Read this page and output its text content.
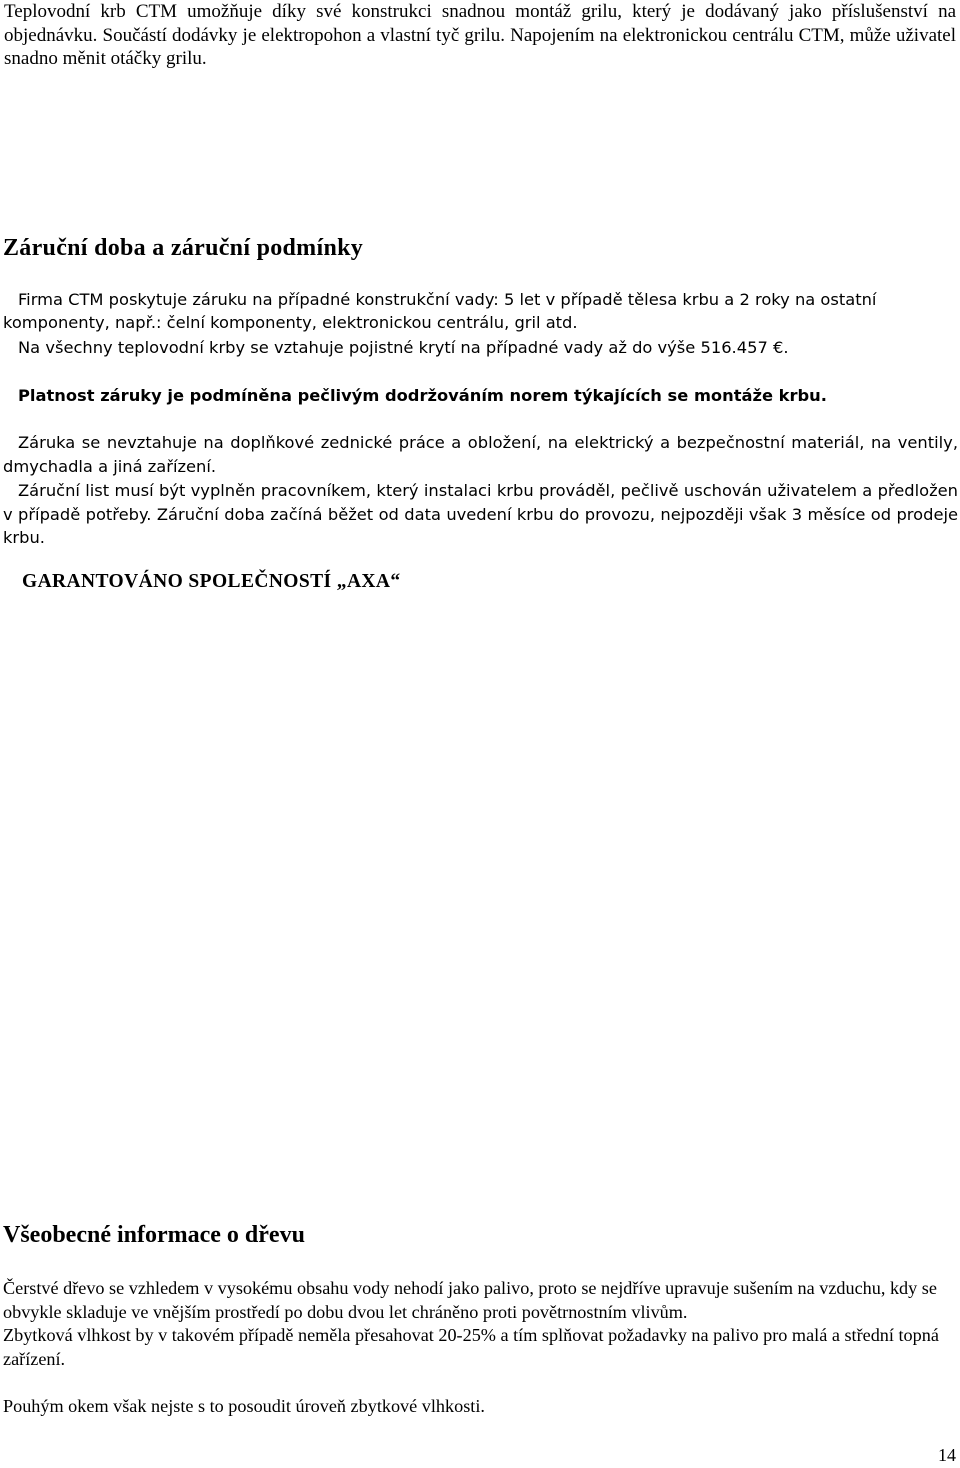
Teplovodní krb CTM umožňuje díky své konstrukci snadnou montáž grilu, který je dodávaný jako příslušenství na objednávku. Součástí dodávky je elektropohon a vlastní tyč grilu. Napojením na elektronickou centrálu CTM, může uživatel snadno měnit otáčky grilu.
Záruční doba a záruční podmínky
Firma CTM poskytuje záruku na případné konstrukční vady: 5 let v případě tělesa krbu a 2 roky na ostatní
komponenty, např.: čelní komponenty, elektronickou centrálu, gril atd.
Na všechny teplovodní krby se vztahuje pojistné krytí na případné vady až do výše 516.457 €.
Platnost záruky je podmíněna pečlivým dodržováním norem týkajících se montáže krbu.
Záruka se nevztahuje na doplňkové zednické práce a obložení, na elektrický a bezpečnostní materiál, na ventily, dmychadla a jiná zařízení.
Záruční list musí být vyplněn pracovníkem, který instalaci krbu prováděl, pečlivě uschován uživatelem a předložen v případě potřeby. Záruční doba začíná běžet od data uvedení krbu do provozu, nejpozději však 3 měsíce od prodeje krbu.
GARANTOVÁNO SPOLEČNOSTÍ „AXA“
Všeobecné informace o dřevu
Čerstvé dřevo se vzhledem v vysokému obsahu vody nehodí jako palivo, proto se nejdříve upravuje sušením na vzduchu, kdy se obvykle skladuje ve vnějším prostředí po dobu dvou let chráněno proti povětrnostním vlivům.
Zbytková vlhkost by v takovém případě neměla přesahovat 20-25% a tím splňovat požadavky na palivo pro malá a střední topná zařízení.
Pouhým okem však nejste s to posoudit úroveň zbytkové vlhkosti.
14
